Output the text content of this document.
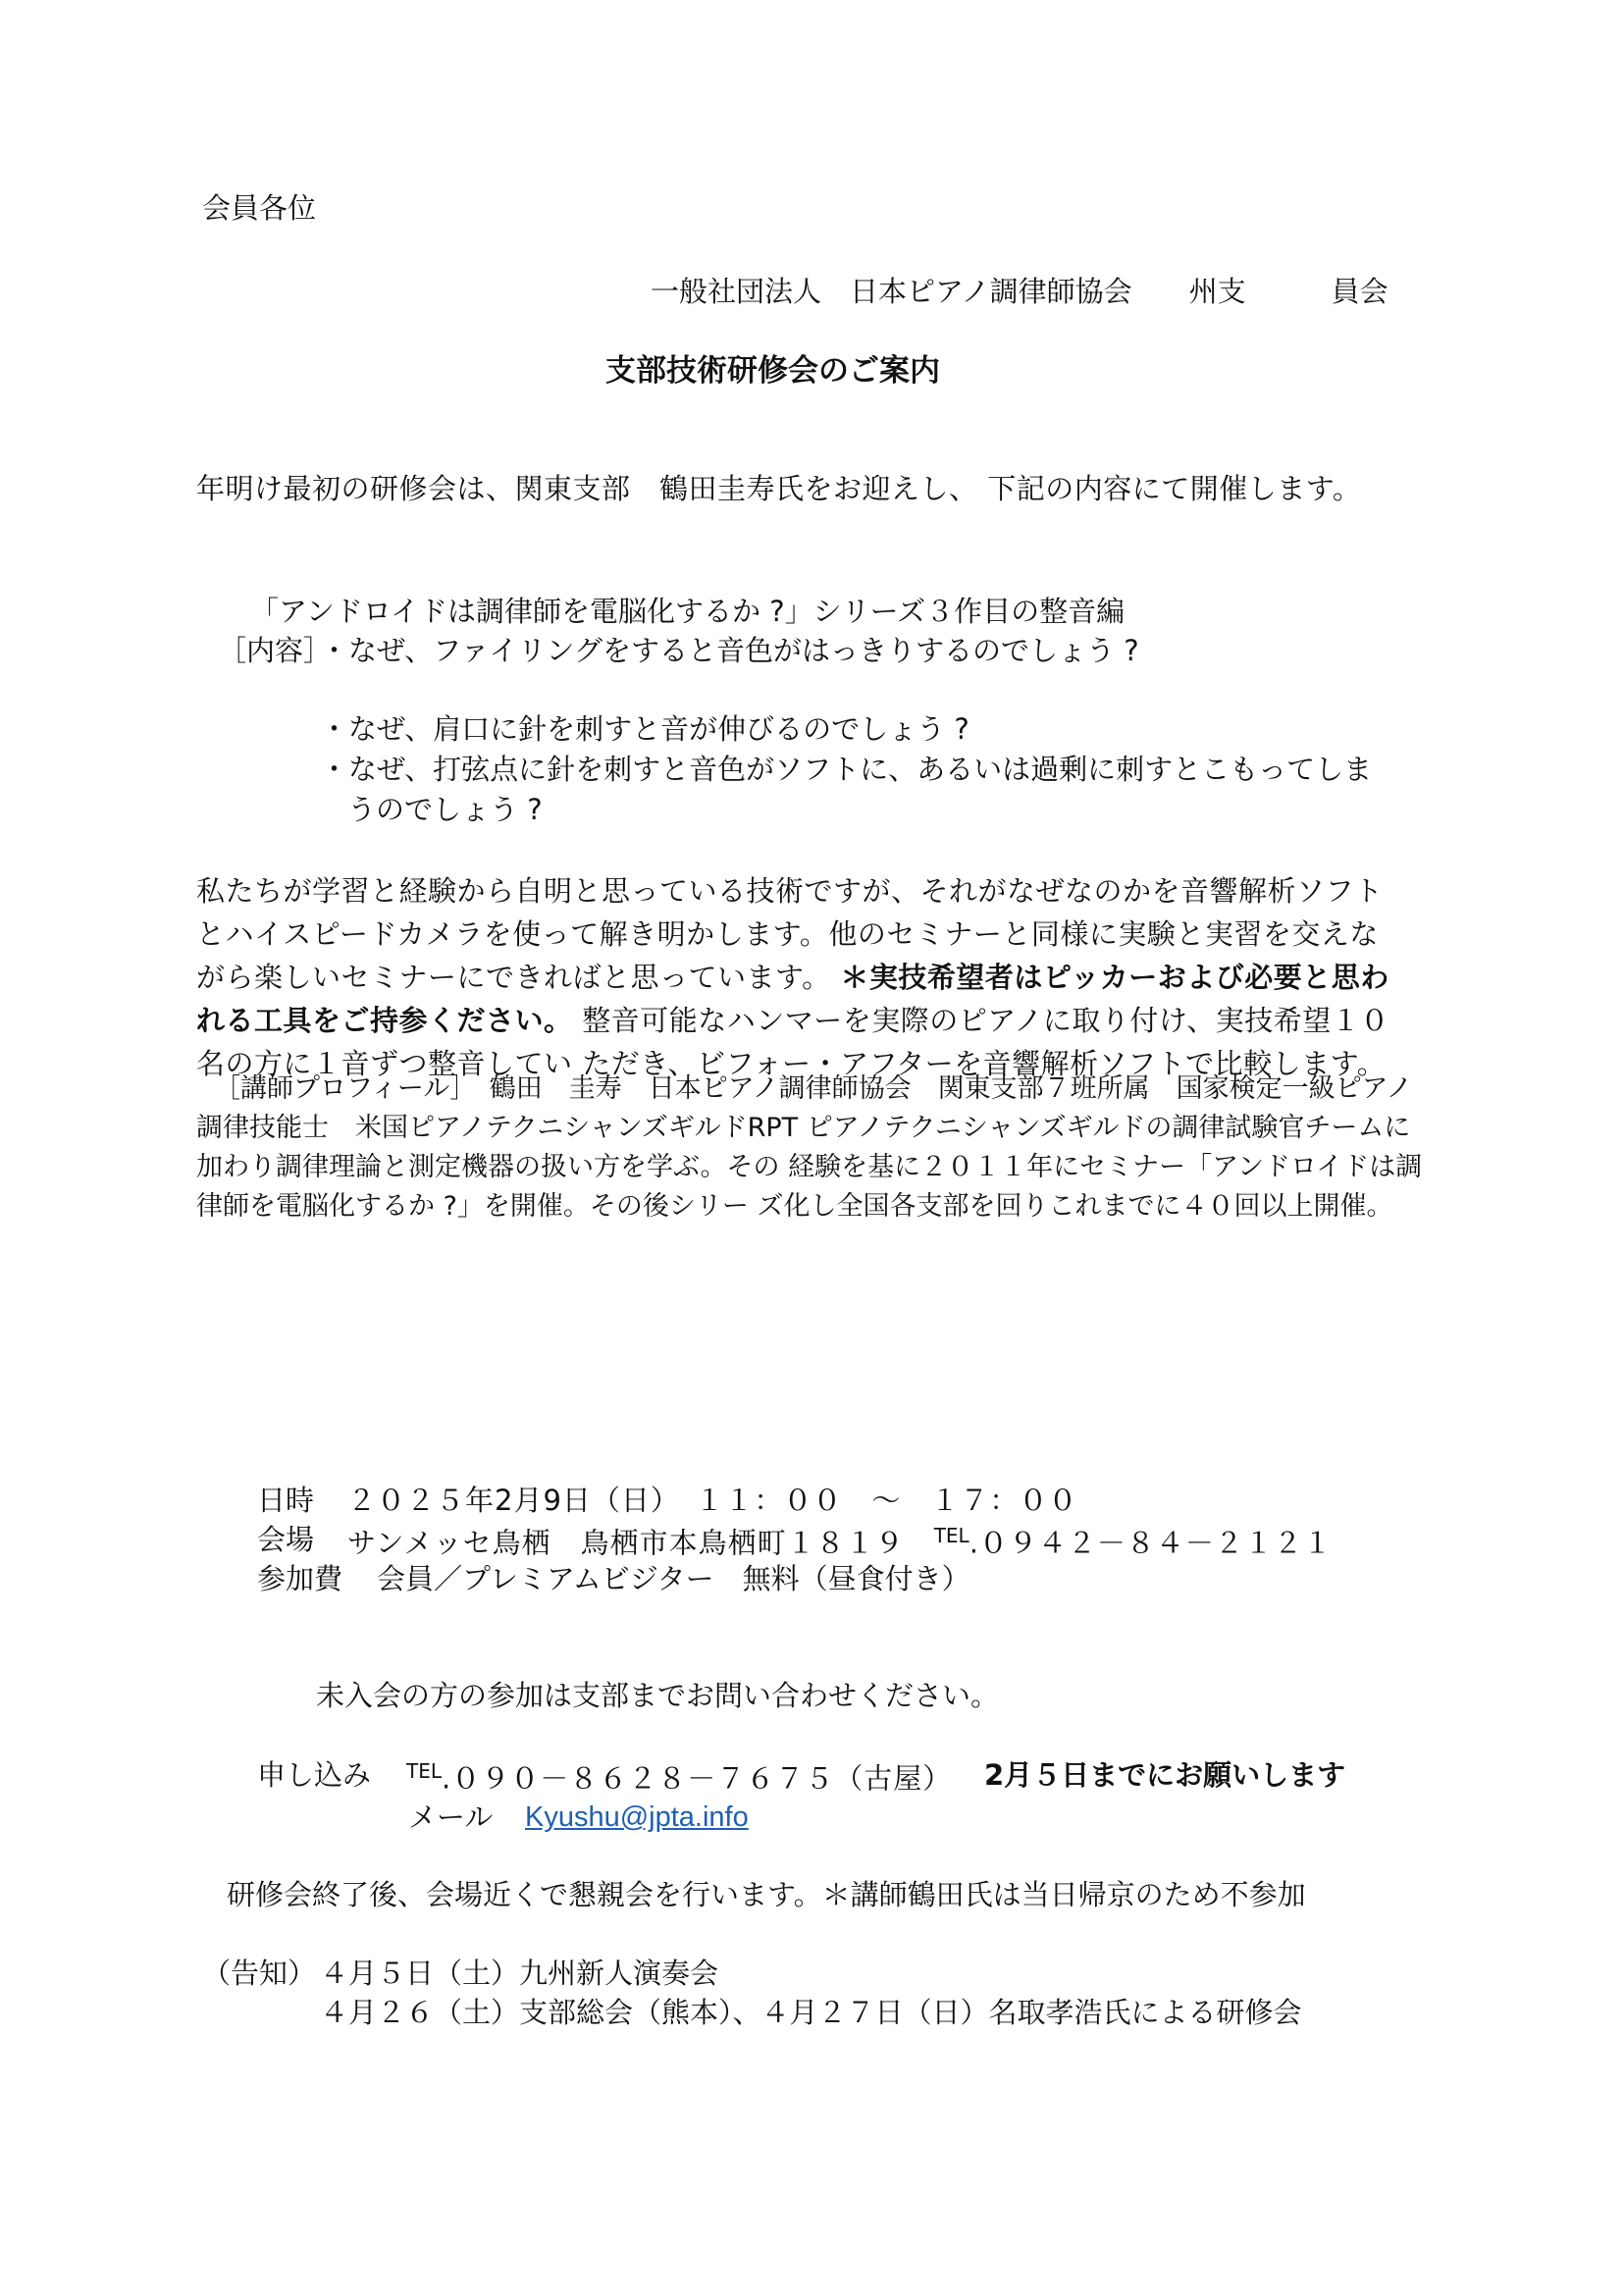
会員各位
一般社団法人　日本ピアノ調律師協会　　州支　　　員会
支部技術研修会のご案内
年明け最初の研修会は、関東支部　鶴田圭寿氏をお迎えし、 下記の内容にて開催します。
「アンドロイドは調律師を電脳化するか ?」シリーズ３作目の整音編
［内容］
・なぜ、ファイリングをすると音色がはっきりするのでしょう ?
・なぜ、肩口に針を刺すと音が伸びるのでしょう ?
・なぜ、打弦点に針を刺すと音色がソフトに、あるいは過剰に刺すとこもってしま
うのでしょう ?
私たちが学習と経験から自明と思っている技術ですが、それがなぜなのかを音響解析ソフト
とハイスピードカメラを使って解き明かします。他のセミナーと同様に実験と実習を交えな
がら楽しいセミナーにできればと思っています。 ＊実技希望者はピッカーおよび必要と思わ
れる工具をご持参ください。 整音可能なハンマーを実際のピアノに取り付け、実技希望１０
名の方に１音ずつ整音してい ただき、ビフォー・アフターを音響解析ソフトで比較します。
［講師プロフィール］　鶴田　圭寿　日本ピアノ調律師協会　関東支部７班所属　国家検定一級ピアノ
調律技能士　米国ピアノテクニシャンズギルドRPT ピアノテクニシャンズギルドの調律試験官チームに
加わり調律理論と測定機器の扱い方を学ぶ。その 経験を基に２０１１年にセミナー「アンドロイドは調
律師を電脳化するか ?」を開催。その後シリー ズ化し全国各支部を回りこれまでに４０回以上開催。
日時 ２０２５年2月9日（日）　１１：００　～　１７：００
会場 サンメッセ鳥栖　鳥栖市本鳥栖町１８１９　 $^{TEL}$.０９４２－８４－２１２１
参加費 会員／プレミアムビジター　無料（昼食付き）
未入会の方の参加は支部までお問い合わせください。
申し込み $^{TEL}$.０９０－８６２８－７６７５（古屋） 2月５日までにお願いします
メール Kyushu@jpta.info
研修会終了後、会場近くで懇親会を行います。＊講師鶴田氏は当日帰京のため不参加
（告知） ４月５日（土）九州新人演奏会
４月２６（土）支部総会（熊本）、４月２７日（日）名取孝浩氏による研修会
